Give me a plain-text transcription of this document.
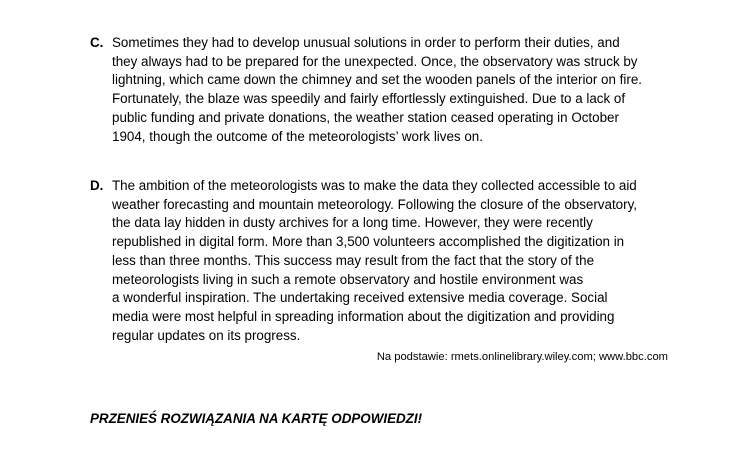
C. Sometimes they had to develop unusual solutions in order to perform their duties, and
they always had to be prepared for the unexpected. Once, the observatory was struck by
lightning, which came down the chimney and set the wooden panels of the interior on fire.
Fortunately, the blaze was speedily and fairly effortlessly extinguished. Due to a lack of
public funding and private donations, the weather station ceased operating in October
1904, though the outcome of the meteorologists’ work lives on.
D. The ambition of the meteorologists was to make the data they collected accessible to aid
weather forecasting and mountain meteorology. Following the closure of the observatory,
the data lay hidden in dusty archives for a long time. However, they were recently
republished in digital form. More than 3,500 volunteers accomplished the digitization in
less than three months. This success may result from the fact that the story of the
meteorologists living in such a remote observatory and hostile environment was
a wonderful inspiration. The undertaking received extensive media coverage. Social
media were most helpful in spreading information about the digitization and providing
regular updates on its progress.
Na podstawie: rmets.onlinelibrary.wiley.com; www.bbc.com
PRZENIEŚ ROZWIĄZANIA NA KARTĘ ODPOWIEDZI!
